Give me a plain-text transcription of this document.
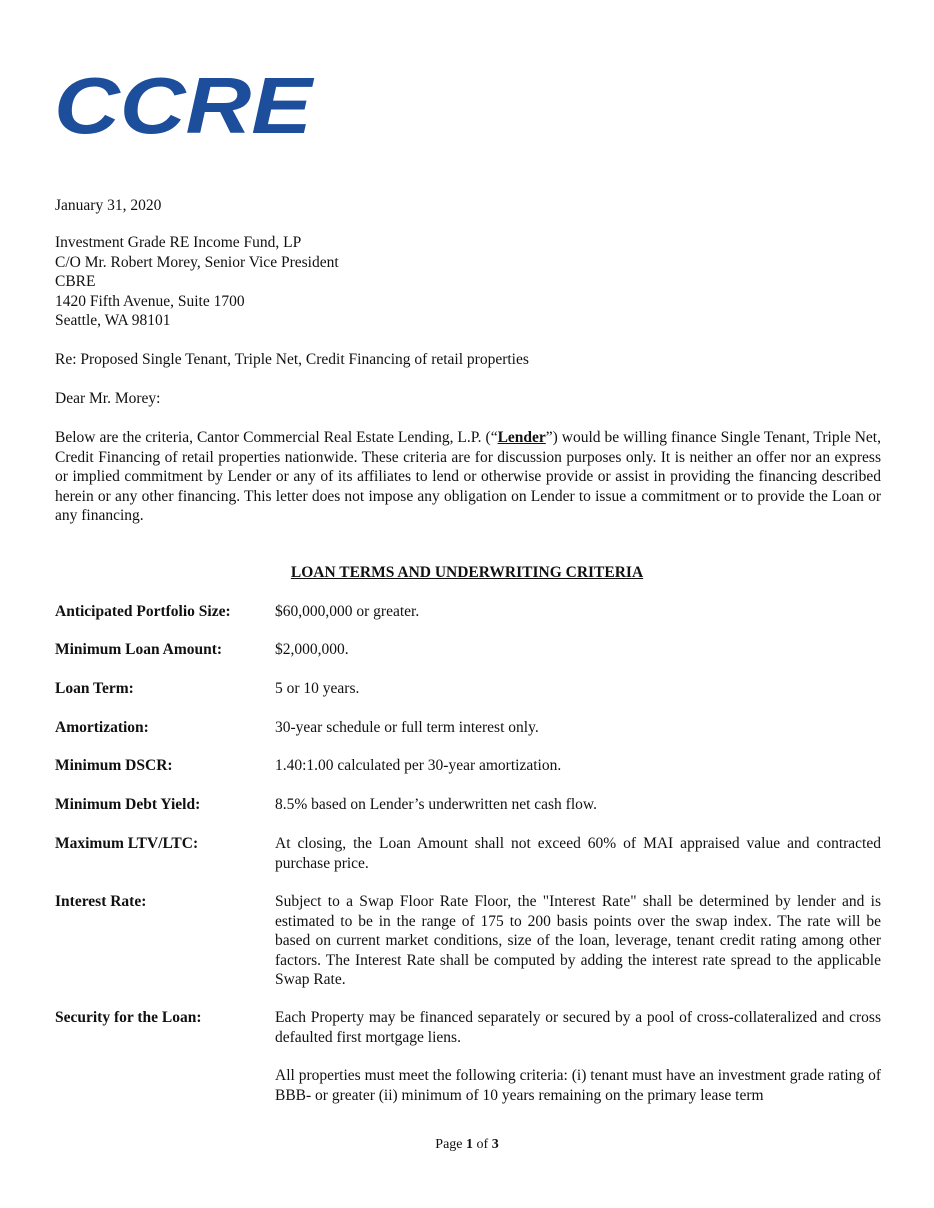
CCRE
January 31, 2020
Investment Grade RE Income Fund, LP
C/O Mr. Robert Morey, Senior Vice President
CBRE
1420 Fifth Avenue, Suite 1700
Seattle, WA 98101
Re: Proposed Single Tenant, Triple Net, Credit Financing of retail properties
Dear Mr. Morey:
Below are the criteria, Cantor Commercial Real Estate Lending, L.P. (“Lender”) would be willing finance Single Tenant, Triple Net, Credit Financing of retail properties nationwide. These criteria are for discussion purposes only. It is neither an offer nor an express or implied commitment by Lender or any of its affiliates to lend or otherwise provide or assist in providing the financing described herein or any other financing. This letter does not impose any obligation on Lender to issue a commitment or to provide the Loan or any financing.
LOAN TERMS AND UNDERWRITING CRITERIA
Anticipated Portfolio Size:	$60,000,000 or greater.
Minimum Loan Amount:	$2,000,000.
Loan Term:	5 or 10 years.
Amortization:	30-year schedule or full term interest only.
Minimum DSCR:	1.40:1.00 calculated per 30-year amortization.
Minimum Debt Yield:	8.5% based on Lender’s underwritten net cash flow.
Maximum LTV/LTC:	At closing, the Loan Amount shall not exceed 60% of MAI appraised value and contracted purchase price.
Interest Rate:	Subject to a Swap Floor Rate Floor, the "Interest Rate" shall be determined by lender and is estimated to be in the range of 175 to 200 basis points over the swap index. The rate will be based on current market conditions, size of the loan, leverage, tenant credit rating among other factors. The Interest Rate shall be computed by adding the interest rate spread to the applicable Swap Rate.
Security for the Loan:	Each Property may be financed separately or secured by a pool of cross-collateralized and cross defaulted first mortgage liens.
All properties must meet the following criteria: (i) tenant must have an investment grade rating of BBB- or greater (ii) minimum of 10 years remaining on the primary lease term
Page 1 of 3
